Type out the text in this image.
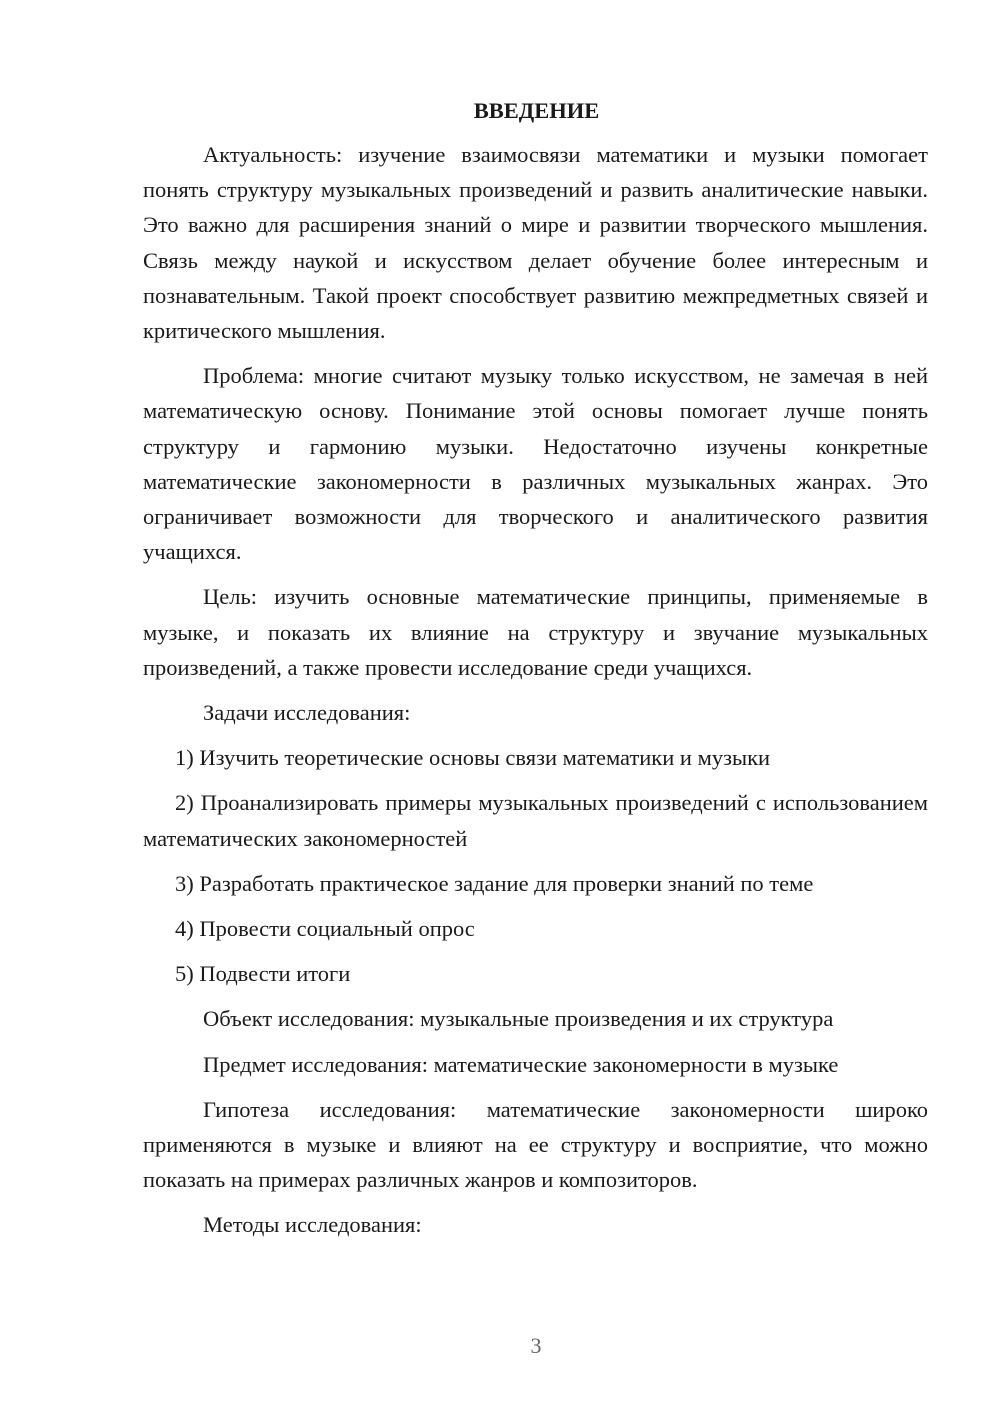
ВВЕДЕНИЕ

Актуальность: изучение взаимосвязи математики и музыки помогает понять структуру музыкальных произведений и развить аналитические навыки. Это важно для расширения знаний о мире и развитии творческого мышления. Связь между наукой и искусством делает обучение более интересным и познавательным. Такой проект способствует развитию межпредметных связей и критического мышления.

Проблема: многие считают музыку только искусством, не замечая в ней математическую основу. Понимание этой основы помогает лучше понять структуру и гармонию музыки. Недостаточно изучены конкретные математические закономерности в различных музыкальных жанрах. Это ограничивает возможности для творческого и аналитического развития учащихся.

Цель: изучить основные математические принципы, применяемые в музыке, и показать их влияние на структуру и звучание музыкальных произведений, а также провести исследование среди учащихся.

Задачи исследования:

1) Изучить теоретические основы связи математики и музыки

2) Проанализировать примеры музыкальных произведений с использованием математических закономерностей

3) Разработать практическое задание для проверки знаний по теме

4) Провести социальный опрос

5) Подвести итоги

Объект исследования: музыкальные произведения и их структура

Предмет исследования: математические закономерности в музыке

Гипотеза исследования: математические закономерности широко применяются в музыке и влияют на ее структуру и восприятие, что можно показать на примерах различных жанров и композиторов.

Методы исследования:

3
